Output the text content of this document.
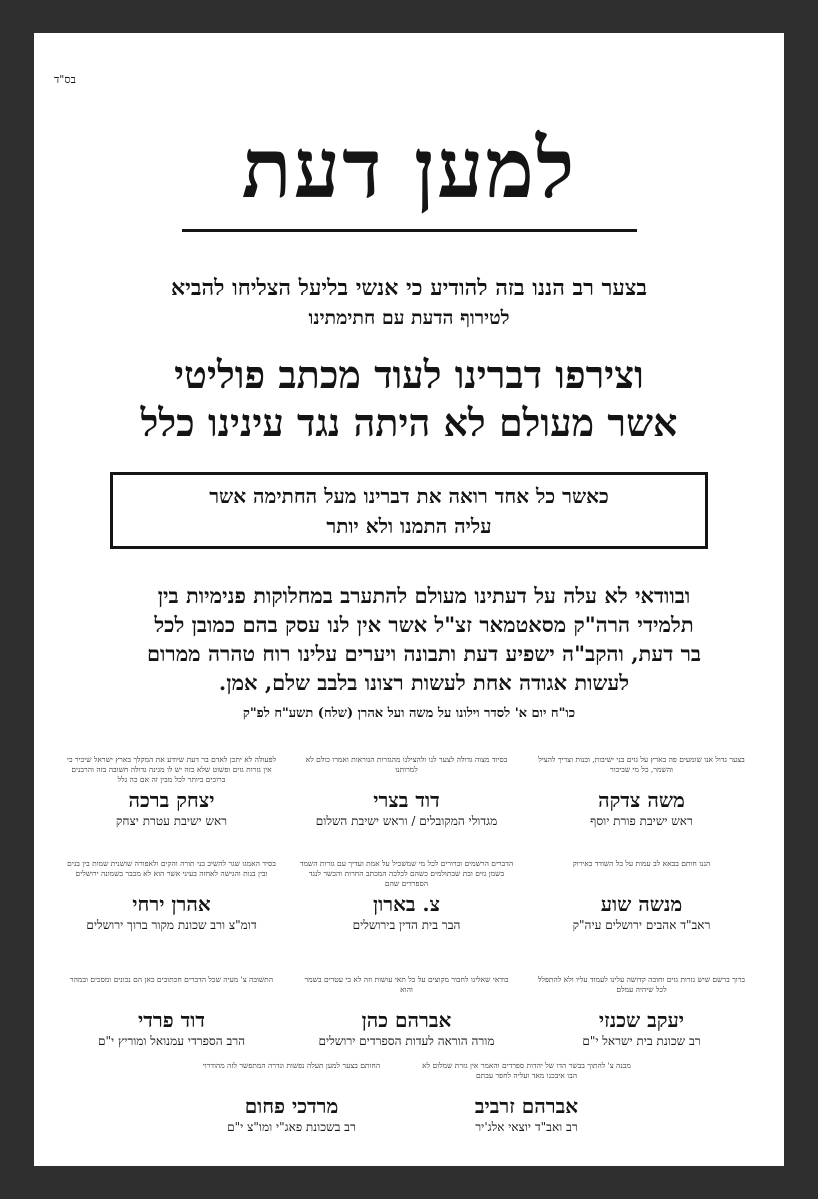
בס"ד
למען דעת
בצער רב הננו בזה להודיע כי אנשי בליעל הצליחו להביא
לטירוף הדעת עם חתימתינו
וצירפו דברינו לעוד מכתב פוליטי
אשר מעולם לא היתה נגד עינינו כלל
כאשר כל אחד רואה את דברינו מעל החתימה אשר
עליה התמנו ולא יותר
ובוודאי לא עלה על דעתינו מעולם להתערב במחלוקות פנימיות בין
תלמידי הרה"ק מסאטמאר זצ"ל אשר אין לנו עסק בהם כמובן לכל
בר דעת, והקב"ה ישפיע דעת ותבונה ויערים עלינו רוח טהרה ממרום
לעשות אגודה אחת לעשות רצונו בלבב שלם, אמן.
כו"ח יום א' לסדר וילונו על משה ועל אהרן (שלח) תשע"ח לפ"ק
בצער גדול אנו שומעים פה בארץ על גזים בני ישיבות, ובנות וצריך להציל והשמר, כל מי שביכור
משה צדקה
ראש ישיבת פורת יוסף
בסיוד מצוה גדולה לצער לנו ולהצילנו מהגזרות הנוראות ואמרו כולם לא למרותנו
דוד בצרי
מגדולי המקובלים / וראש ישיבת השלום
לפעולה לא יתכן לאדם בר דעת שיודע את המקלך בארץ ישראל שיכיר כי אין גזרות גזים ופשוט שלא כזה יש לו מגינה גדולה חשובה בזה והרבנים ברוכים ביותר לכל מבין זה אם כה גלל
יצחק ברכה
ראש ישיבת עטרת יצחק
הננו חותם בבאא לב עמות על כל השודד באירוק
מנשה שוע
ראב"ד אהבים ירושלים עיה"ק
הדברים הרשמים וברורים לכל מי שמשכיל על אמת ועדיך עם גזרות השמד בשמן גזים ובת שבתולמים כשהם לכלכה המכתב החרות והכשר לנגד הספרדים שהם
צ. בארון
הבר בית הדין בירושלים
בסיד האמגו שגר להשיב בני תורה והקים ולאפורה שושנית שמות בין בנים ובין בנות והגישה לאחזה בעיני אשר הוא לא מכבר בשמונה ירושלים
אהרן ירחי
דומ"צ ורב שכונת מקור ברוך ירושלים
ברוך ברשם שיש גזרות גזים וחובה קדושה עלינו לעמוד עליו ולא להתפלל לכל שיהיה עמלם
יעקב שכנזי
רב שכונת בית ישראל י"ם
בודאי שאלינו לחבור מקוצים על כל תאי עושות וזה לא בי עטרים בשמר והוא
אברהם כהן
מורה הוראה לעדות הספרדים ירושלים
התשובה צ' מעיה שכל הדברים חכתובים כאן הם נכונים ומסכים ובמהר
דוד פרדי
הרב הספרדי עמנואל ומוריץ י"ם
מבנה צ' להתוך בבשר הדו של יהדות ספרדים והאמר אין גזרת שמלום לא הבו איבכנו מאד ועליה לחפר עבתם
אברהם זרביב
רב ואב"ד יוצאי אלג'יר
החותם בצער למען תעלה נפשות ונדרה המתפשר לזה מהודרוי
מרדכי פחום
רב בשכונת פאג"י ומו"צ י"ם
